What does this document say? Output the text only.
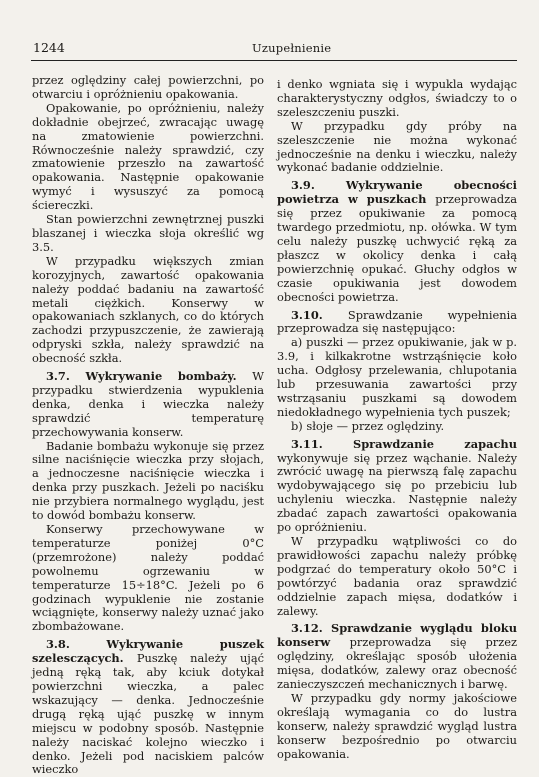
1244	Uzupełnienie

przez oględziny całej powierzchni, po otwarciu i opróżnieniu opakowania.

Opakowanie, po opróżnieniu, należy dokładnie obejrzeć, zwracając uwagę na zmatowienie powierzchni. Równocześnie należy sprawdzić, czy zmatowienie przeszło na zawartość opakowania. Następnie opakowanie wymyć i wysuszyć za pomocą ściereczki.

Stan powierzchni zewnętrznej puszki blaszanej i wieczka słoja określić wg 3.5.

W przypadku większych zmian korozyjnych, zawartość opakowania należy poddać badaniu na zawartość metali ciężkich. Konserwy w opakowaniach szklanych, co do których zachodzi przypuszczenie, że zawierają odpryski szkła, należy sprawdzić na obecność szkła.

3.7. Wykrywanie bombaży. W przypadku stwierdzenia wypuklenia denka, denka i wieczka należy sprawdzić temperaturę przechowywania konserw.

Badanie bombażu wykonuje się przez silne naciśnięcie wieczka przy słojach, a jednoczesne naciśnięcie wieczka i denka przy puszkach. Jeżeli po naciśku nie przybiera normalnego wyglądu, jest to dowód bombażu konserw.

Konserwy przechowywane w temperaturze poniżej 0°C (przemrożone) należy poddać powolnemu ogrzewaniu w temperaturze 15÷18°C. Jeżeli po 6 godzinach wypuklenie nie zostanie wciągnięte, konserwy należy uznać jako zbombażowane.

3.8. Wykrywanie puszek szelesczących. Puszkę należy ująć jedną ręką tak, aby kciuk dotykał powierzchni wieczka, a palec wskazujący — denka. Jednocześnie drugą ręką ująć puszkę w innym miejscu w podobny sposób. Następnie należy naciskać kolejno wieczko i denko. Jeżeli pod naciskiem palców wieczko

i denko wgniata się i wypukla wydając charakterystyczny odgłos, świadczy to o szeleszczeniu puszki.

W przypadku gdy próby na szeleszczenie nie można wykonać jednocześnie na denku i wieczku, należy wykonać badanie oddzielnie.

3.9. Wykrywanie obecności powietrza w puszkach przeprowadza się przez opukiwanie za pomocą twardego przedmiotu, np. ołówka. W tym celu należy puszkę uchwycić ręką za płaszcz w okolicy denka i całą powierzchnię opukać. Głuchy odgłos w czasie opukiwania jest dowodem obecności powietrza.

3.10. Sprawdzanie wypełnienia przeprowadza się następująco:

a) puszki — przez opukiwanie, jak w p. 3.9, i kilkakrotne wstrząśnięcie koło ucha. Odgłosy przelewania, chlupotania lub przesuwania zawartości przy wstrząsaniu puszkami są dowodem niedokładnego wypełnienia tych puszek;

b) słoje — przez oględziny.

3.11. Sprawdzanie zapachu wykonywuje się przez wąchanie. Należy zwrócić uwagę na pierwszą falę zapachu wydobywającego się po przebiciu lub uchyleniu wieczka. Następnie należy zbadać zapach zawartości opakowania po opróżnieniu.

W przypadku wątpliwości co do prawidłowości zapachu należy próbkę podgrzać do temperatury około 50°C i powtórzyć badania oraz sprawdzić oddzielnie zapach mięsa, dodatków i zalewy.

3.12. Sprawdzanie wyglądu bloku konserw przeprowadza się przez oględziny, określając sposób ułożenia mięsa, dodatków, zalewy oraz obecność zanieczyszczeń mechanicznych i barwę.

W przypadku gdy normy jakościowe określają wymagania co do lustra konserw, należy sprawdzić wygląd lustra konserw bezpośrednio po otwarciu opakowania.
